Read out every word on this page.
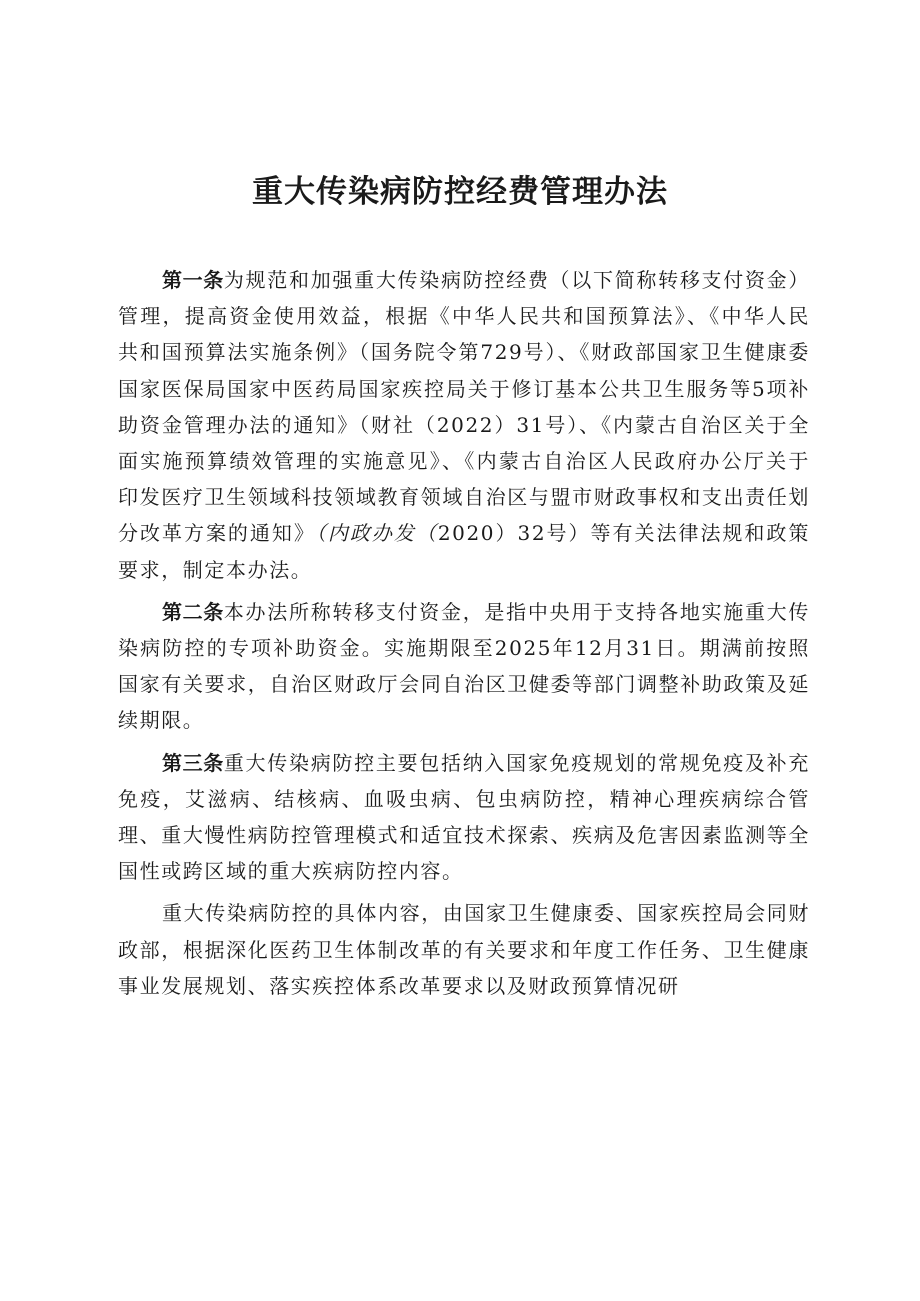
重大传染病防控经费管理办法

第一条为规范和加强重大传染病防控经费（以下简称转移支付资金）管理，提高资金使用效益，根据《中华人民共和国预算法》、《中华人民共和国预算法实施条例》（国务院令第729号）、《财政部国家卫生健康委国家医保局国家中医药局国家疾控局关于修订基本公共卫生服务等5项补助资金管理办法的通知》（财社（2022）31号）、《内蒙古自治区关于全面实施预算绩效管理的实施意见》、《内蒙古自治区人民政府办公厅关于印发医疗卫生领域科技领域教育领域自治区与盟市财政事权和支出责任划分改革方案的通知》（内政办发（2020）32号）等有关法律法规和政策要求，制定本办法。

第二条本办法所称转移支付资金，是指中央用于支持各地实施重大传染病防控的专项补助资金。实施期限至2025年12月31日。期满前按照国家有关要求，自治区财政厅会同自治区卫健委等部门调整补助政策及延续期限。

第三条重大传染病防控主要包括纳入国家免疫规划的常规免疫及补充免疫，艾滋病、结核病、血吸虫病、包虫病防控，精神心理疾病综合管理、重大慢性病防控管理模式和适宜技术探索、疾病及危害因素监测等全国性或跨区域的重大疾病防控内容。

重大传染病防控的具体内容，由国家卫生健康委、国家疾控局会同财政部，根据深化医药卫生体制改革的有关要求和年度工作任务、卫生健康事业发展规划、落实疾控体系改革要求以及财政预算情况研
